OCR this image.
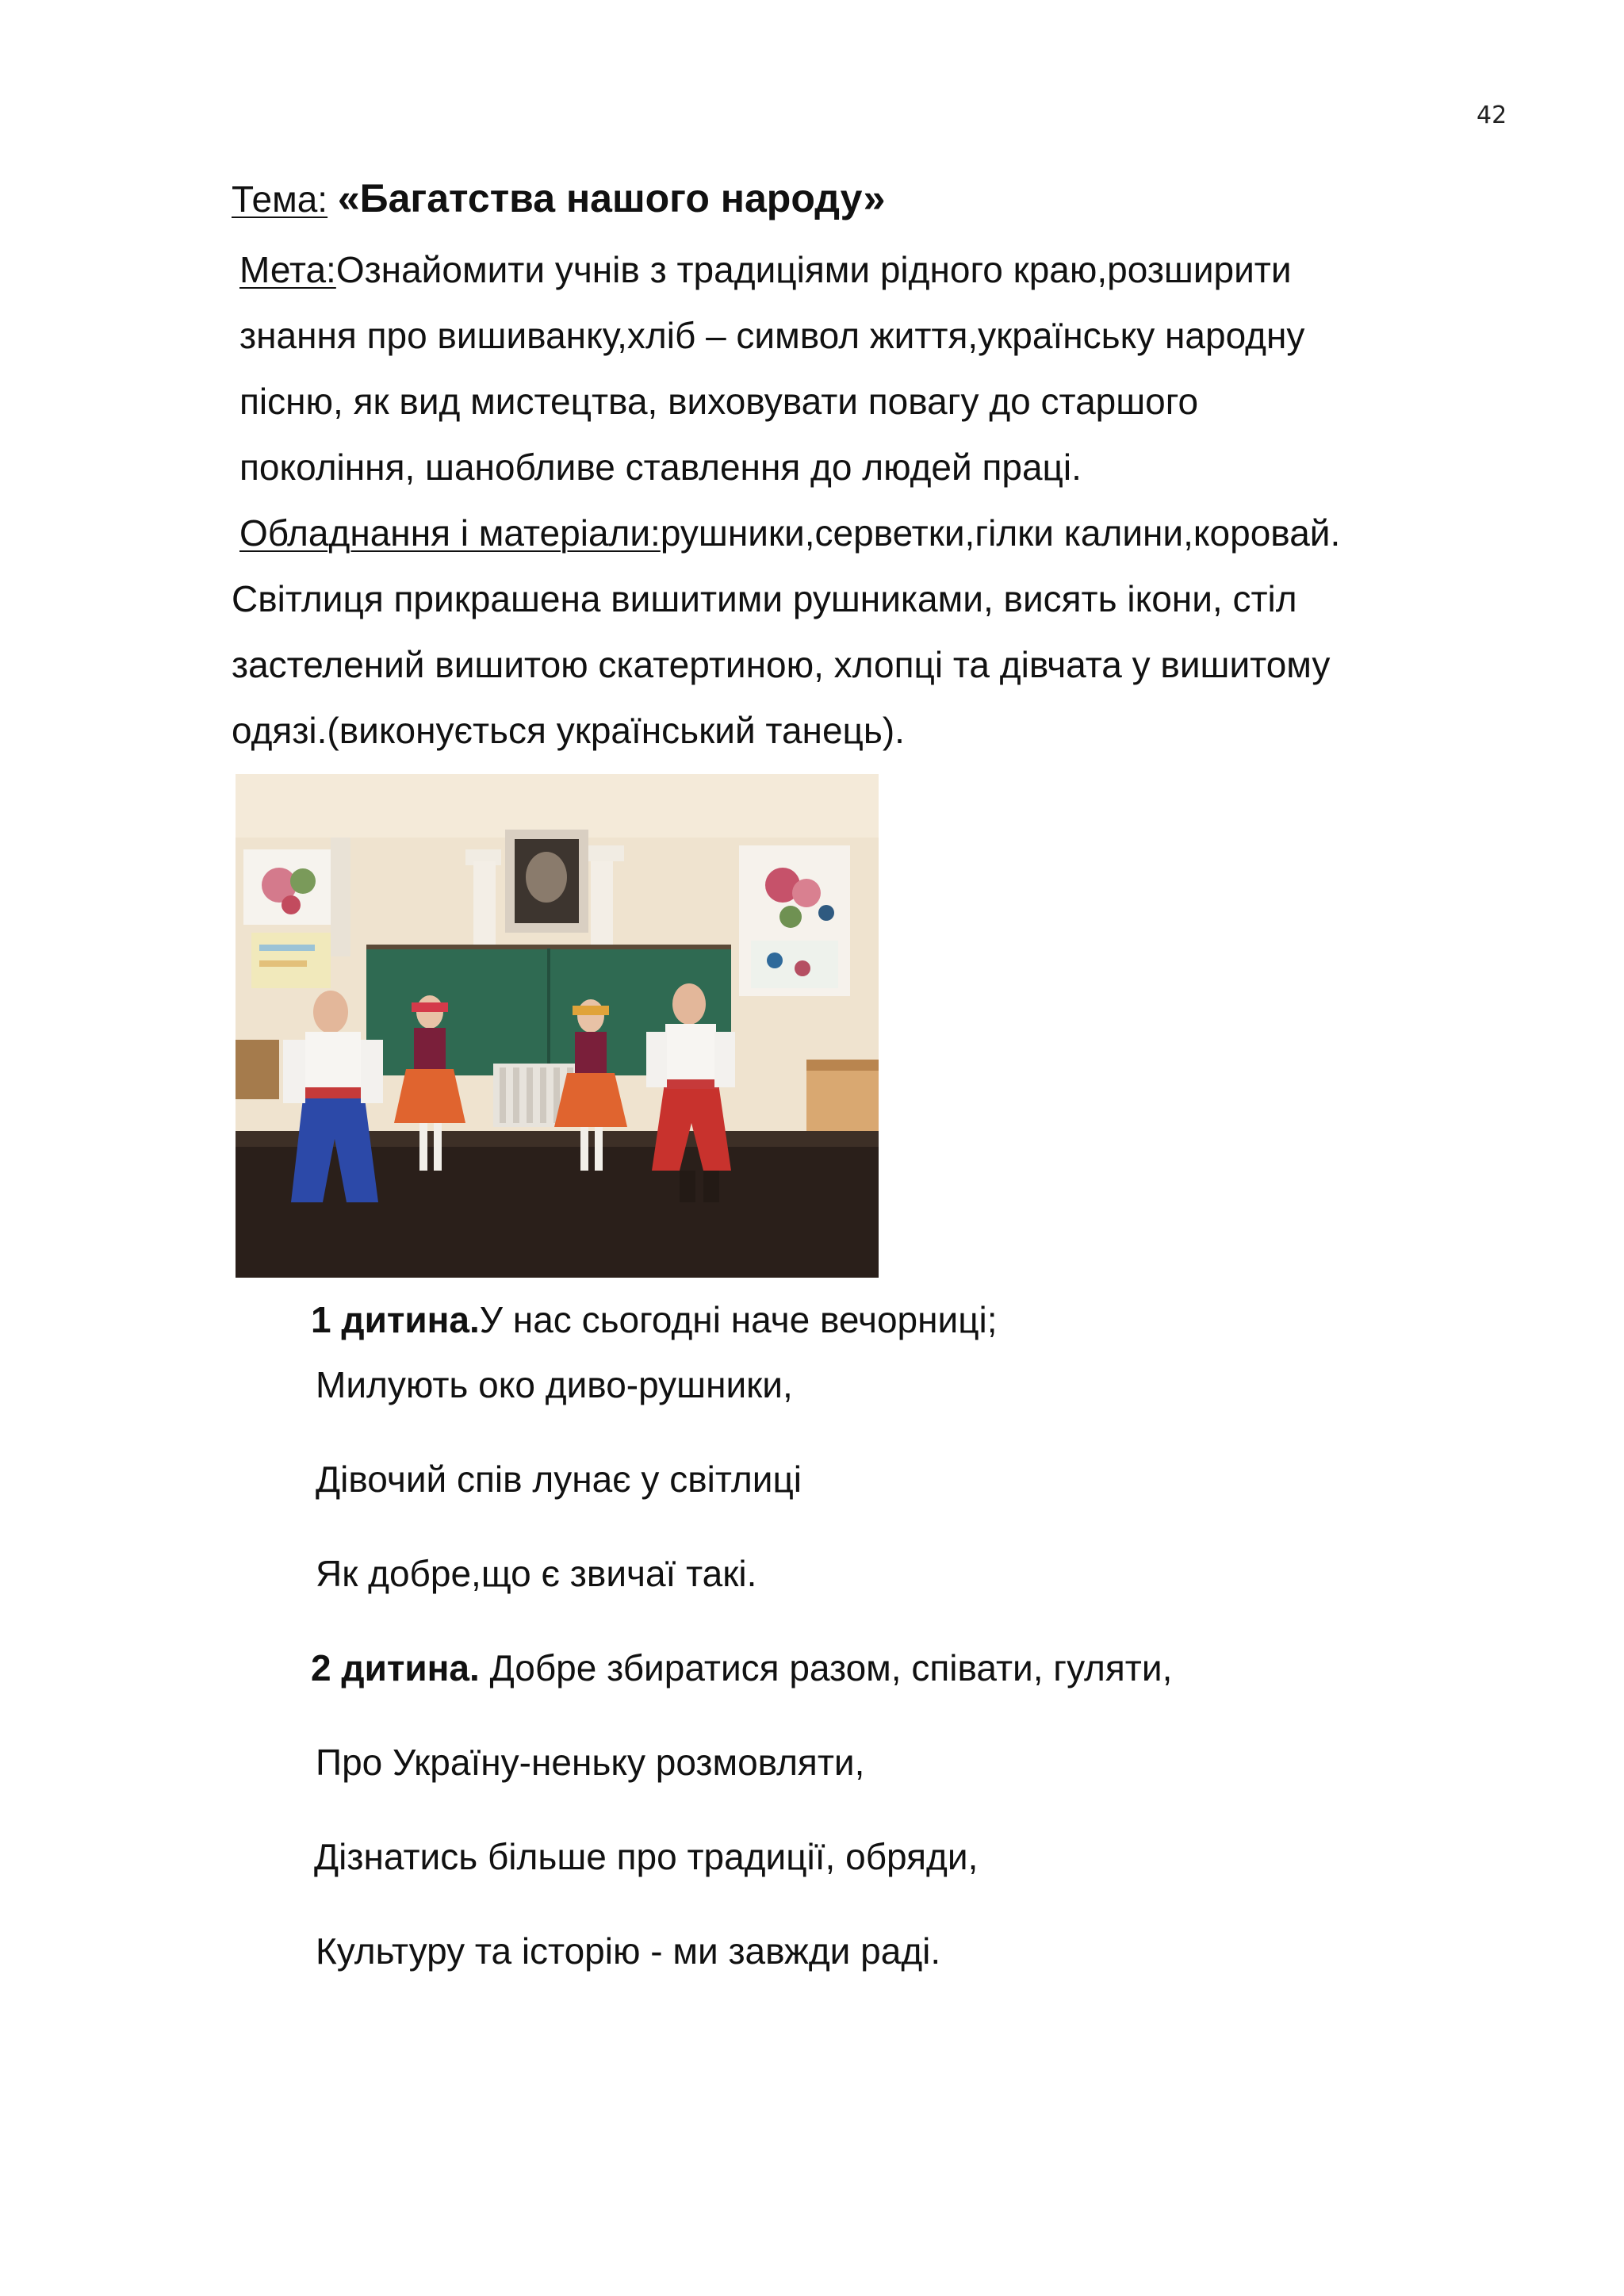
42
Тема: «Багатства нашого народу»
Мета:Ознайомити учнів з традиціями рідного краю,розширити
знання про вишиванку,хліб – символ життя,українську народну
пісню, як вид мистецтва, виховувати повагу до старшого
покоління, шанобливе ставлення до людей праці.
Обладнання і матеріали:рушники,серветки,гілки калини,коровай.
Світлиця прикрашена вишитими рушниками, висять ікони, стіл
застелений вишитою скатертиною, хлопці та дівчата у вишитому
одязі.(виконується український танець).
1 дитина.У нас сьогодні наче вечорниці;
Милують око диво-рушники,
Дівочий спів лунає у світлиці
Як добре,що є звичаї такі.
2 дитина. Добре збиратися разом, співати, гуляти,
Про Україну-неньку розмовляти,
Дізнатись більше про традиції, обряди,
Культуру та історію - ми завжди раді.
